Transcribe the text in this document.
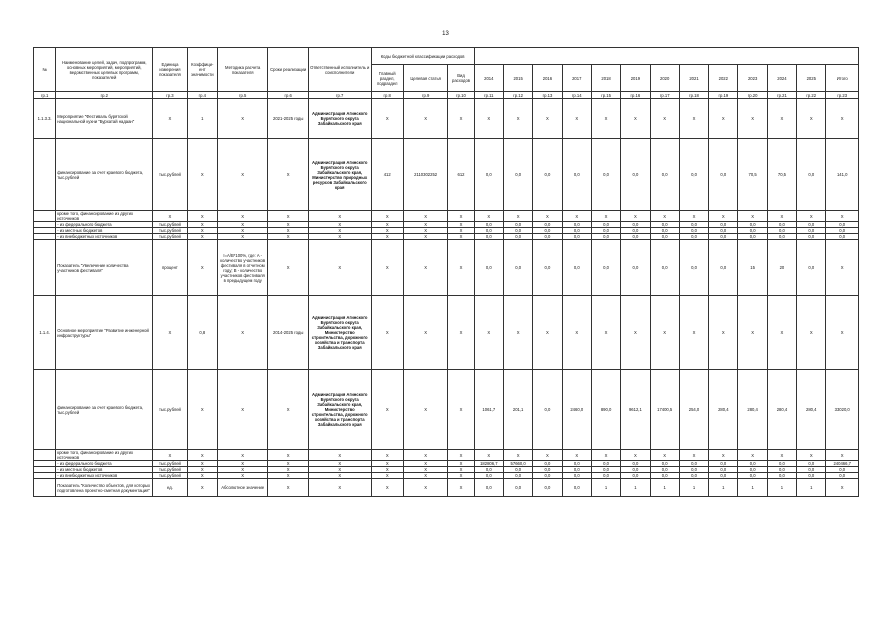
13
№	Наименование целей, задач, подпрограмм, основных мероприятий, мероприятий, ведомственных целевых программ, показателей	Единица измерения показателя	Коэффици-ент значимости	Методика расчета показателя	Сроки реализации	Ответственный исполнитель и соисполнители	Коды бюджетной классификации расходов															
							Главный раздел, подраздел	Целевая статья	Вид расходов	2014	2015	2016	2017	2018	2019	2020	2021	2022	2023	2024	2025	Итого
гр.1	гр.2	гр.3	гр.4	гр.5	гр.6	гр.7	гр.8	гр.9	гр.10	гр.11	гр.12	гр.13	гр.14	гр.15	гр.16	гр.17	гр.18	гр.19	гр.20	гр.21	гр.22	гр.23
1.1.3.3.	Мероприятие "Фестиваль бурятской национальной кухни "Бурхатай надаан"	Х	1	Х	2021-2025 годы	Администрация Агинского Бурятского округа Забайкальского края	Х	Х	Х	Х	Х	Х	Х	Х	Х	Х	Х	Х	Х	Х	Х	Х
	финансирование за счет краевого бюджета, тыс.рублей	тыс.рублей	Х	Х	Х	Администрация Агинского Бурятского округа Забайкальского края, Министерство природных ресурсов Забайкальского края	412	2110302252	612	0,0	0,0	0,0	0,0	0,0	0,0	0,0	0,0	0,0	70,5	70,5	0,0	141,0
	кроме того, финансирование из других источников	Х	Х	Х	Х	Х	Х	Х	Х	Х	Х	Х	Х	Х	Х	Х	Х	Х	Х	Х	Х	Х
	- из федерального бюджета	тыс.рублей	Х	Х	Х	Х	Х	Х	Х	0,0	0,0	0,0	0,0	0,0	0,0	0,0	0,0	0,0	0,0	0,0	0,0	0,0
	- из местных бюджетов	тыс.рублей	Х	Х	Х	Х	Х	Х	Х	0,0	0,0	0,0	0,0	0,0	0,0	0,0	0,0	0,0	0,0	0,0	0,0	0,0
	- из внебюджетных источников	тыс.рублей	Х	Х	Х	Х	Х	Х	Х	0,0	0,0	0,0	0,0	0,0	0,0	0,0	0,0	0,0	0,0	0,0	0,0	0,0
	Показатель "Увеличение количества участников фестиваля"	процент	Х	I=A/B*100%, где: A - количество участников фестиваля в отчетном году; B - количество участников фестиваля в предыдущем году	Х	Х	Х	Х	Х	0,0	0,0	0,0	0,0	0,0	0,0	0,0	0,0	0,0	15	20	0,0	Х
1.1.4.	Основное мероприятие "Развитие инженерной инфраструктуры"	Х	0,8	Х	2014-2025 годы	Администрация Агинского Бурятского округа Забайкальского края, Министерство строительства, дорожного хозяйства и транспорта Забайкальского края	Х	Х	Х	Х	Х	Х	Х	Х	Х	Х	Х	Х	Х	Х	Х	Х
	финансирование за счет краевого бюджета, тыс.рублей	тыс.рублей	Х	Х	Х	Администрация Агинского Бурятского округа Забайкальского края, Министерство строительства, дорожного хозяйства и транспорта Забайкальского края	Х	Х	Х	1061,7	201,1	0,0	2460,0	890,0	9612,1	17400,5	254,0	280,4	280,4	280,4	280,4	33020,0
	кроме того, финансирование из других источников	Х	Х	Х	Х	Х	Х	Х	Х	Х	Х	Х	Х	Х	Х	Х	Х	Х	Х	Х	Х	Х
	- из федерального бюджета	тыс.рублей	Х	Х	Х	Х	Х	Х	Х	182806,7	57660,0	0,0	0,0	0,0	0,0	0,0	0,0	0,0	0,0	0,0	0,0	240466,7
	- из местных бюджетов	тыс.рублей	Х	Х	Х	Х	Х	Х	Х	0,0	0,0	0,0	0,0	0,0	0,0	0,0	0,0	0,0	0,0	0,0	0,0	0,0
	- из внебюджетных источников	тыс.рублей	Х	Х	Х	Х	Х	Х	Х	0,0	0,0	0,0	0,0	0,0	0,0	0,0	0,0	0,0	0,0	0,0	0,0	0,0
	Показатель "Количество объектов, для которых подготовлена проектно-сметная документация"	ед.	Х	Абсолютное значение	Х	Х	Х	Х	Х	0,0	0,0	0,0	0,0	1	1	1	1	1	1	1	1	Х
